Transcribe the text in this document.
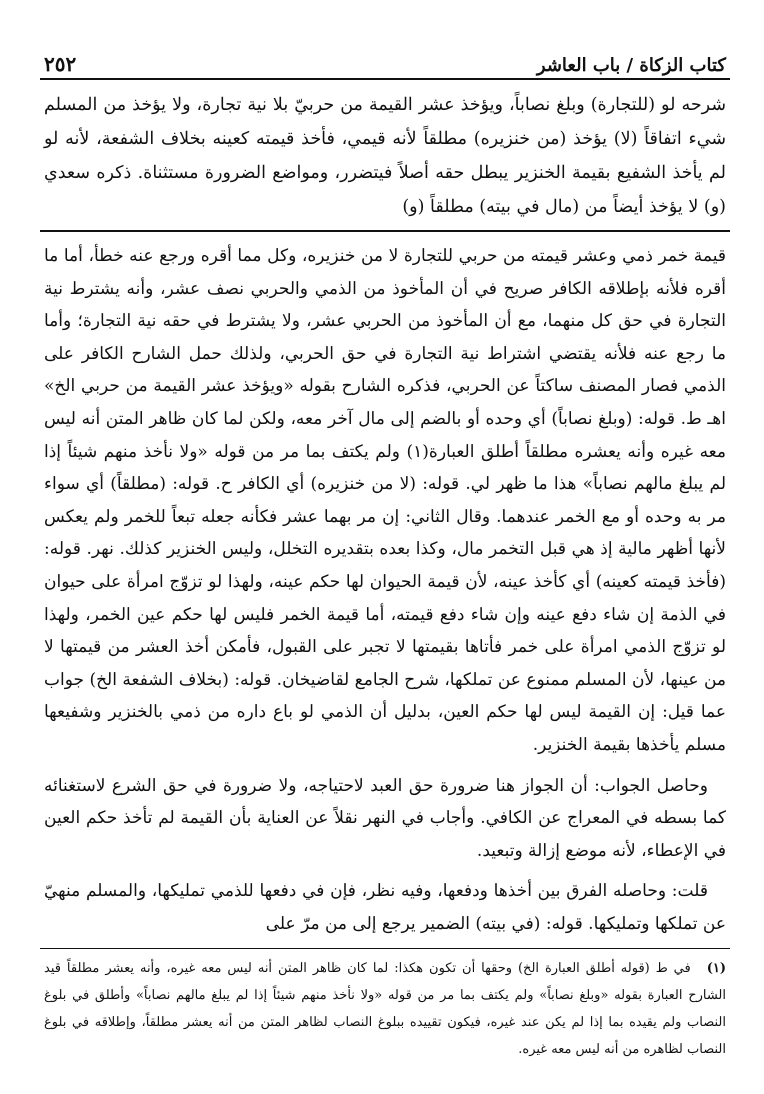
كتاب الزكاة / باب العاشر
٢٥٢
شرحه لو (للتجارة) وبلغ نصاباً، ويؤخذ عشر القيمة من حربيّ بلا نية تجارة، ولا يؤخذ من المسلم شيء اتفاقاً (لا) يؤخذ (من خنزيره) مطلقاً لأنه قيمي، فأخذ قيمته كعينه بخلاف الشفعة، لأنه لو لم يأخذ الشفيع بقيمة الخنزير يبطل حقه أصلاً فيتضرر، ومواضع الضرورة مستثناة. ذكره سعدي (و) لا يؤخذ أيضاً من (مال في بيته) مطلقاً (و)

قيمة خمر ذمي وعشر قيمته من حربي للتجارة لا من خنزيره، وكل مما أقره ورجع عنه خطأ، أما ما أقره فلأنه بإطلاقه الكافر صريح في أن المأخوذ من الذمي والحربي نصف عشر، وأنه يشترط نية التجارة في حق كل منهما، مع أن المأخوذ من الحربي عشر، ولا يشترط في حقه نية التجارة؛ وأما ما رجع عنه فلأنه يقتضي اشتراط نية التجارة في حق الحربي، ولذلك حمل الشارح الكافر على الذمي فصار المصنف ساكتاً عن الحربي، فذكره الشارح بقوله «ويؤخذ عشر القيمة من حربي الخ» اهـ ط. قوله: (وبلغ نصاباً) أي وحده أو بالضم إلى مال آخر معه، ولكن لما كان ظاهر المتن أنه ليس معه غيره وأنه يعشره مطلقاً أطلق العبارة(١) ولم يكتف بما مر من قوله «ولا نأخذ منهم شيئاً إذا لم يبلغ مالهم نصاباً» هذا ما ظهر لي. قوله: (لا من خنزيره) أي الكافر ح. قوله: (مطلقاً) أي سواء مر به وحده أو مع الخمر عندهما. وقال الثاني: إن مر بهما عشر فكأنه جعله تبعاً للخمر ولم يعكس لأنها أظهر مالية إذ هي قبل التخمر مال، وكذا بعده بتقديره التخلل، وليس الخنزير كذلك. نهر. قوله: (فأخذ قيمته كعينه) أي كأخذ عينه، لأن قيمة الحيوان لها حكم عينه، ولهذا لو تزوّج امرأة على حيوان في الذمة إن شاء دفع عينه وإن شاء دفع قيمته، أما قيمة الخمر فليس لها حكم عين الخمر، ولهذا لو تزوّج الذمي امرأة على خمر فأتاها بقيمتها لا تجبر على القبول، فأمكن أخذ العشر من قيمتها لا من عينها، لأن المسلم ممنوع عن تملكها، شرح الجامع لقاضيخان. قوله: (بخلاف الشفعة الخ) جواب عما قيل: إن القيمة ليس لها حكم العين، بدليل أن الذمي لو باع داره من ذمي بالخنزير وشفيعها مسلم يأخذها بقيمة الخنزير.

وحاصل الجواب: أن الجواز هنا ضرورة حق العبد لاحتياجه، ولا ضرورة في حق الشرع لاستغنائه كما بسطه في المعراج عن الكافي. وأجاب في النهر نقلاً عن العناية بأن القيمة لم تأخذ حكم العين في الإعطاء، لأنه موضع إزالة وتبعيد.

قلت: وحاصله الفرق بين أخذها ودفعها، وفيه نظر، فإن في دفعها للذمي تمليكها، والمسلم منهيّ عن تملكها وتمليكها. قوله: (في بيته) الضمير يرجع إلى من مرّ على

(١) في ط (قوله أطلق العبارة الخ) وحقها أن تكون هكذا: لما كان ظاهر المتن أنه ليس معه غيره، وأنه يعشر مطلقاً قيد الشارح العبارة بقوله «وبلغ نصاباً» ولم يكتف بما مر من قوله «ولا نأخذ منهم شيئاً إذا لم يبلغ مالهم نصاباً» وأطلق في بلوغ النصاب ولم يقيده بما إذا لم يكن عند غيره، فيكون تقييده ببلوغ النصاب لظاهر المتن من أنه يعشر مطلقاً، وإطلاقه في بلوغ النصاب لظاهره من أنه ليس معه غيره.
